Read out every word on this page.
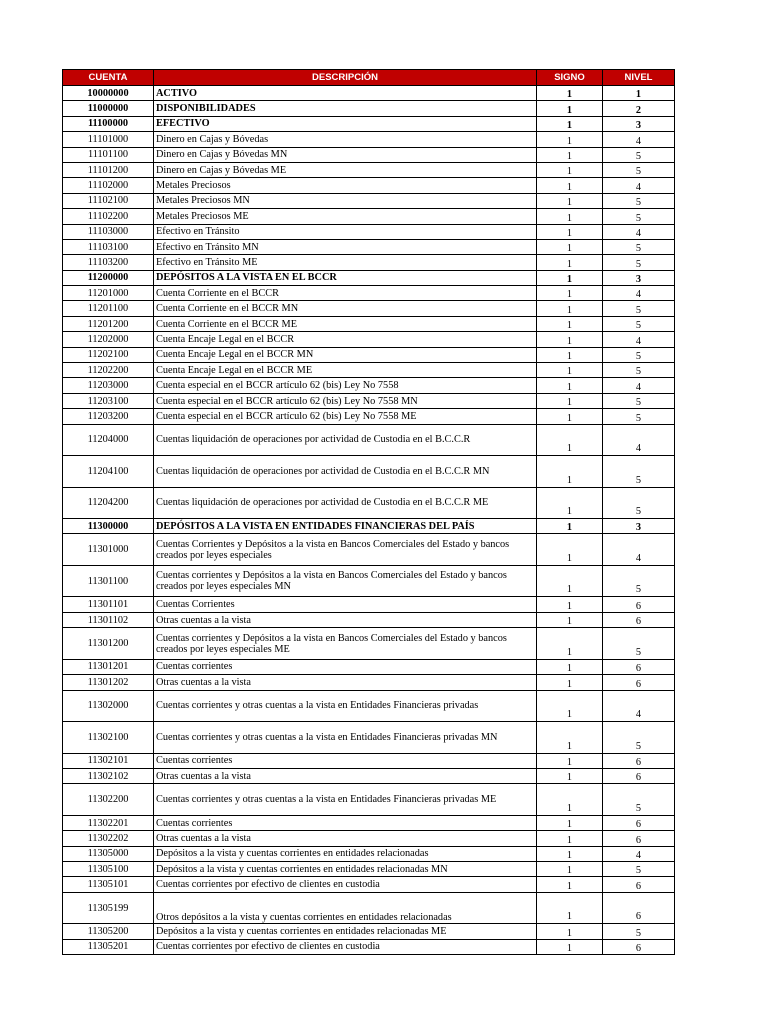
CUENTA	DESCRIPCIÓN	SIGNO	NIVEL
10000000	ACTIVO	1	1
11000000	DISPONIBILIDADES	1	2
11100000	EFECTIVO	1	3
11101000	Dinero en Cajas y Bóvedas	1	4
11101100	Dinero en Cajas y Bóvedas MN	1	5
11101200	Dinero en Cajas y Bóvedas ME	1	5
11102000	Metales Preciosos	1	4
11102100	Metales Preciosos MN	1	5
11102200	Metales Preciosos ME	1	5
11103000	Efectivo en Tránsito	1	4
11103100	Efectivo en Tránsito MN	1	5
11103200	Efectivo en Tránsito ME	1	5
11200000	DEPÓSITOS A LA VISTA EN EL BCCR	1	3
11201000	Cuenta Corriente en el BCCR	1	4
11201100	Cuenta Corriente en el BCCR MN	1	5
11201200	Cuenta Corriente en el BCCR ME	1	5
11202000	Cuenta Encaje Legal en el BCCR	1	4
11202100	Cuenta Encaje Legal en el BCCR MN	1	5
11202200	Cuenta Encaje Legal en el BCCR ME	1	5
11203000	Cuenta especial en el BCCR artículo 62 (bis) Ley No 7558	1	4
11203100	Cuenta especial en el BCCR artículo 62 (bis) Ley No 7558 MN	1	5
11203200	Cuenta especial en el BCCR artículo 62 (bis) Ley No 7558 ME	1	5
11204000	Cuentas liquidación de operaciones por actividad de Custodia en el B.C.C.R	1	4
11204100	Cuentas liquidación de operaciones por actividad de Custodia en el B.C.C.R MN	1	5
11204200	Cuentas liquidación de operaciones por actividad de Custodia en el B.C.C.R ME	1	5
11300000	DEPÓSITOS A LA VISTA EN ENTIDADES FINANCIERAS DEL PAÍS	1	3
11301000	Cuentas Corrientes y Depósitos a la vista en Bancos Comerciales del Estado y bancos creados por leyes especiales	1	4
11301100	Cuentas corrientes y Depósitos a la vista en Bancos Comerciales del Estado y bancos creados por leyes especiales MN	1	5
11301101	Cuentas Corrientes	1	6
11301102	Otras cuentas a la vista	1	6
11301200	Cuentas corrientes y Depósitos a la vista en Bancos Comerciales del Estado y bancos creados por leyes especiales ME	1	5
11301201	Cuentas corrientes	1	6
11301202	Otras cuentas a la vista	1	6
11302000	Cuentas corrientes y otras cuentas a la vista en Entidades Financieras privadas	1	4
11302100	Cuentas corrientes y otras cuentas a la vista en Entidades Financieras privadas MN	1	5
11302101	Cuentas corrientes	1	6
11302102	Otras cuentas a la vista	1	6
11302200	Cuentas corrientes y otras cuentas a la vista en Entidades Financieras privadas ME	1	5
11302201	Cuentas corrientes	1	6
11302202	Otras cuentas a la vista	1	6
11305000	Depósitos a la vista y cuentas corrientes en entidades relacionadas	1	4
11305100	Depósitos a la vista y cuentas corrientes en entidades relacionadas MN	1	5
11305101	Cuentas corrientes por efectivo de clientes en custodia	1	6
11305199	Otros depósitos a la vista y cuentas corrientes en entidades relacionadas	1	6
11305200	Depósitos a la vista y cuentas corrientes en entidades relacionadas ME	1	5
11305201	Cuentas corrientes por efectivo de clientes en custodia	1	6
